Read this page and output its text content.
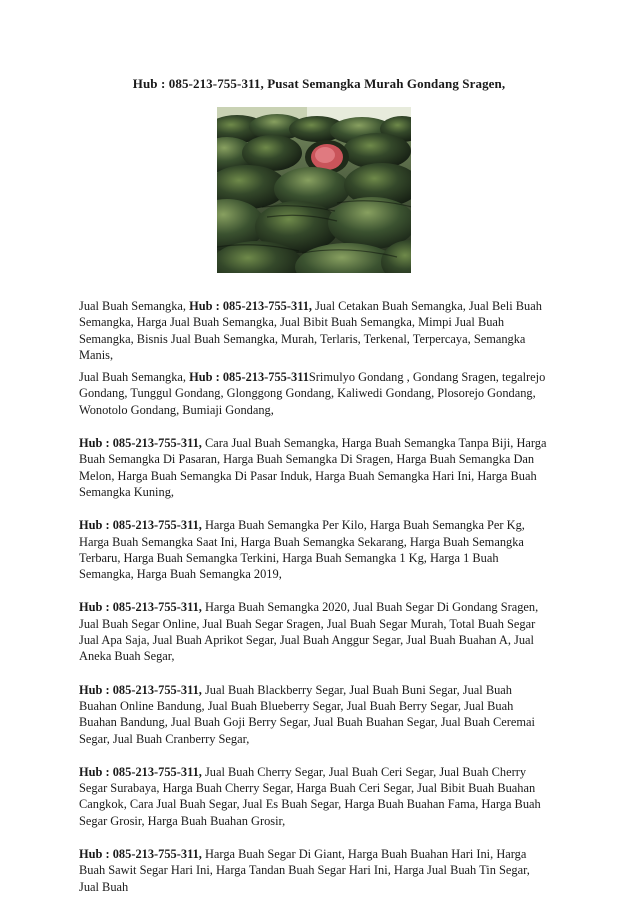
Hub : 085-213-755-311, Pusat Semangka Murah Gondang Sragen,

Jual Buah Semangka, Hub : 085-213-755-311, Jual Cetakan Buah Semangka, Jual Beli Buah Semangka, Harga Jual Buah Semangka, Jual Bibit Buah Semangka, Mimpi Jual Buah Semangka, Bisnis Jual Buah Semangka, Murah, Terlaris, Terkenal, Terpercaya, Semangka Manis,

Jual Buah Semangka, Hub : 085-213-755-311Srimulyo Gondang , Gondang Sragen, tegalrejo Gondang, Tunggul Gondang, Glonggong Gondang, Kaliwedi Gondang, Plosorejo Gondang, Wonotolo Gondang, Bumiaji Gondang,

Hub : 085-213-755-311, Cara Jual Buah Semangka, Harga Buah Semangka Tanpa Biji, Harga Buah Semangka Di Pasaran, Harga Buah Semangka Di Sragen, Harga Buah Semangka Dan Melon, Harga Buah Semangka Di Pasar Induk, Harga Buah Semangka Hari Ini, Harga Buah Semangka Kuning,

Hub : 085-213-755-311, Harga Buah Semangka Per Kilo, Harga Buah Semangka Per Kg, Harga Buah Semangka Saat Ini, Harga Buah Semangka Sekarang, Harga Buah Semangka Terbaru, Harga Buah Semangka Terkini, Harga Buah Semangka 1 Kg, Harga 1 Buah Semangka, Harga Buah Semangka 2019,

Hub : 085-213-755-311, Harga Buah Semangka 2020, Jual Buah Segar Di Gondang Sragen, Jual Buah Segar Online, Jual Buah Segar Sragen, Jual Buah Segar Murah, Total Buah Segar Jual Apa Saja, Jual Buah Aprikot Segar, Jual Buah Anggur Segar, Jual Buah Buahan A, Jual Aneka Buah Segar,

Hub : 085-213-755-311, Jual Buah Blackberry Segar, Jual Buah Buni Segar, Jual Buah Buahan Online Bandung, Jual Buah Blueberry Segar, Jual Buah Berry Segar, Jual Buah Buahan Bandung, Jual Buah Goji Berry Segar, Jual Buah Buahan Segar, Jual Buah Ceremai Segar, Jual Buah Cranberry Segar,

Hub : 085-213-755-311, Jual Buah Cherry Segar, Jual Buah Ceri Segar, Jual Buah Cherry Segar Surabaya, Harga Buah Cherry Segar, Harga Buah Ceri Segar, Jual Bibit Buah Buahan Cangkok, Cara Jual Buah Segar, Jual Es Buah Segar, Harga Buah Buahan Fama, Harga Buah Segar Grosir, Harga Buah Buahan Grosir,

Hub : 085-213-755-311, Harga Buah Segar Di Giant, Harga Buah Buahan Hari Ini, Harga Buah Sawit Segar Hari Ini, Harga Tandan Buah Segar Hari Ini, Harga Jual Buah Tin Segar, Jual Buah
